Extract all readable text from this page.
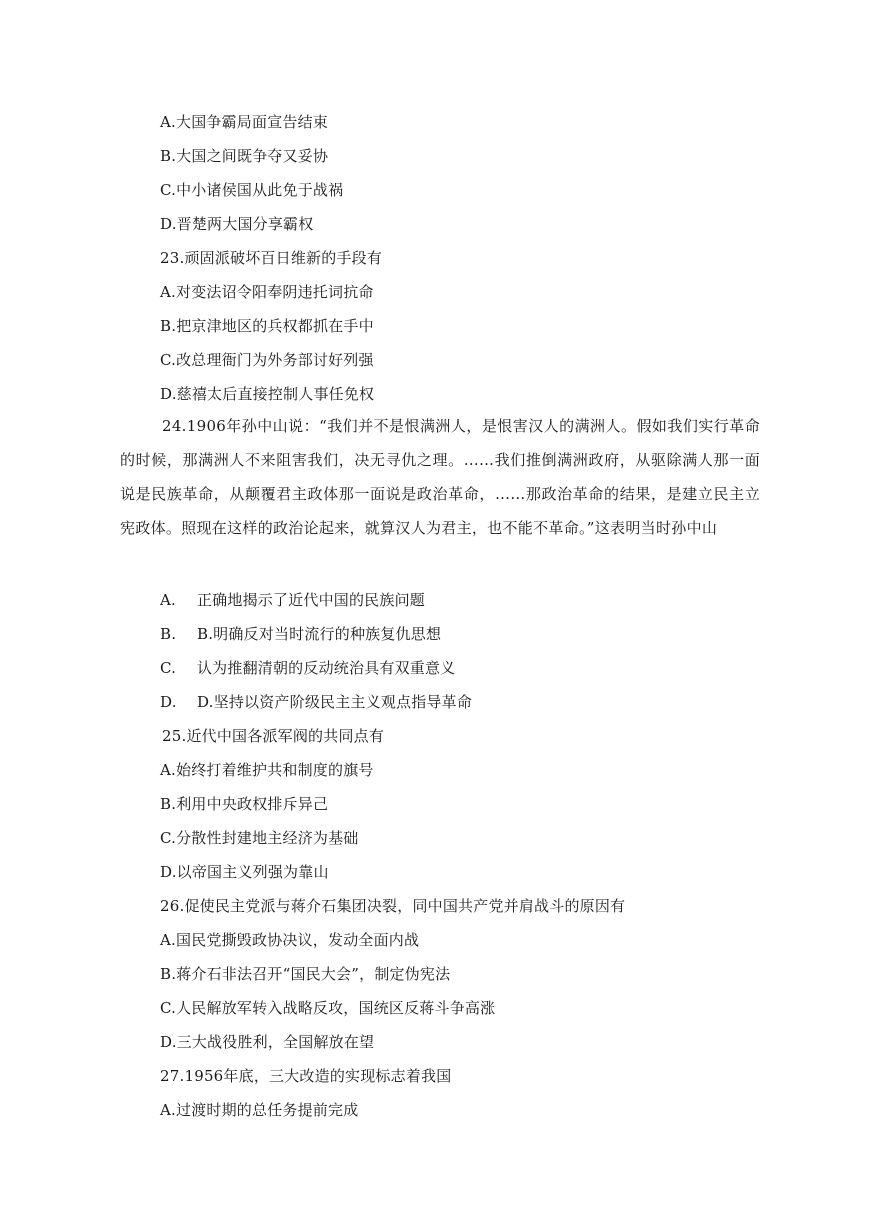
A.大国争霸局面宣告结束
B.大国之间既争夺又妥协
C.中小诸侯国从此免于战祸
D.晋楚两大国分享霸权
23.顽固派破坏百日维新的手段有
A.对变法诏令阳奉阴违托词抗命
B.把京津地区的兵权都抓在手中
C.改总理衙门为外务部讨好列强
D.慈禧太后直接控制人事任免权
24.1906年孙中山说：“我们并不是恨满洲人，是恨害汉人的满洲人。假如我们实行革命的时候，那满洲人不来阻害我们，决无寻仇之理。……我们推倒满洲政府，从驱除满人那一面说是民族革命，从颠覆君主政体那一面说是政治革命，……那政治革命的结果，是建立民主立宪政体。照现在这样的政治论起来，就算汉人为君主，也不能不革命。”这表明当时孙中山
A. 正确地揭示了近代中国的民族问题
B. B.明确反对当时流行的种族复仇思想
C. 认为推翻清朝的反动统治具有双重意义
D. D.坚持以资产阶级民主主义观点指导革命
25.近代中国各派军阀的共同点有
A.始终打着维护共和制度的旗号
B.利用中央政权排斥异己
C.分散性封建地主经济为基础
D.以帝国主义列强为靠山
26.促使民主党派与蒋介石集团决裂，同中国共产党并肩战斗的原因有
A.国民党撕毁政协决议，发动全面内战
B.蒋介石非法召开“国民大会”，制定伪宪法
C.人民解放军转入战略反攻，国统区反蒋斗争高涨
D.三大战役胜利，全国解放在望
27.1956年底，三大改造的实现标志着我国
A.过渡时期的总任务提前完成
